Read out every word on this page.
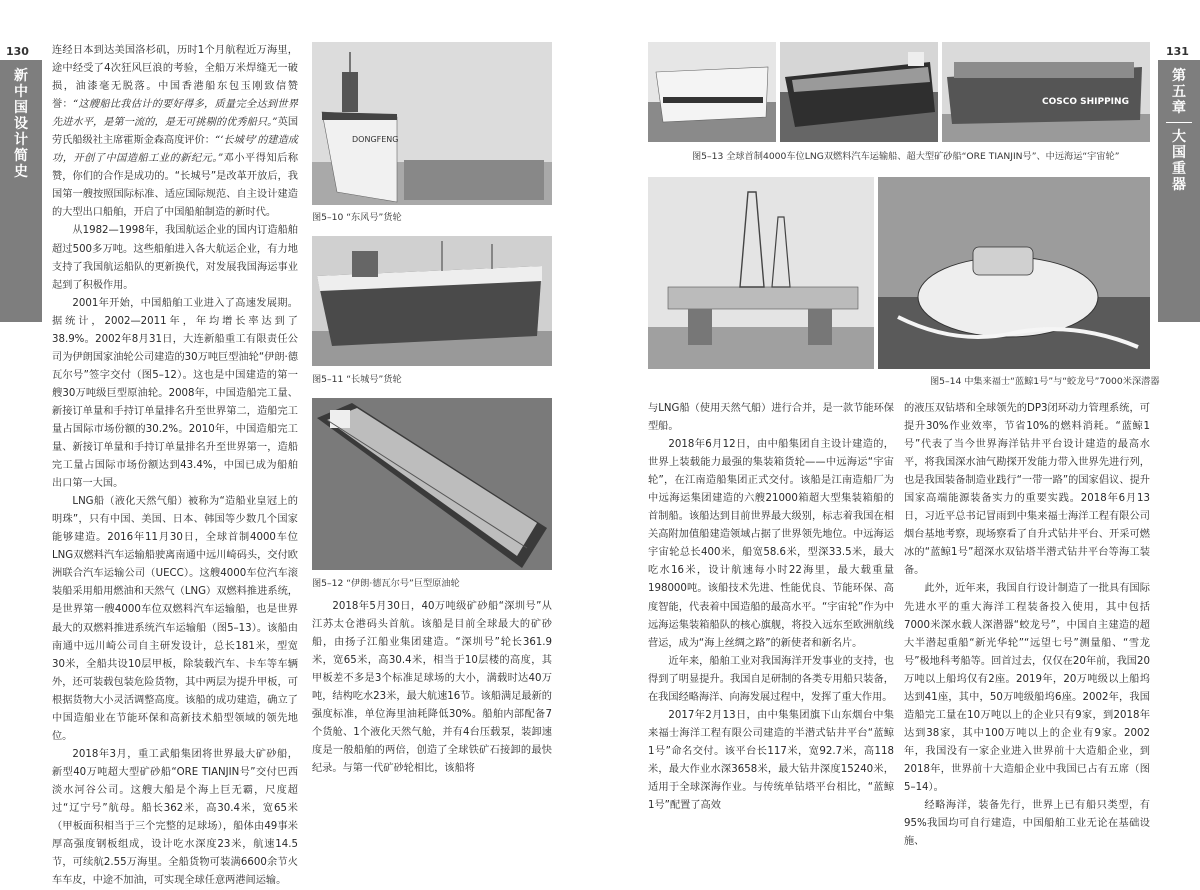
130
新中国设计简史

连经日本到达美国洛杉矶，历时1个月航程近万海里，途中经受了4次狂风巨浪的考验，全船万米焊缝无一破损，油漆毫无脱落。中国香港船东包玉刚致信赞誉：“这艘船比我估计的要好得多，质量完全达到世界先进水平，是第一流的，是无可挑剔的优秀船只。”英国劳氏船级社主席霍斯金森高度评价：“‘长城号’的建造成功，开创了中国造船工业的新纪元。”邓小平得知后称赞，你们的合作是成功的。“长城号”是改革开放后，我国第一艘按照国际标准、适应国际规范、自主设计建造的大型出口船舶，开启了中国船舶制造的新时代。

从1982—1998年，我国航运企业的国内订造船舶超过500多万吨。这些船舶进入各大航运企业，有力地支持了我国航运船队的更新换代，对发展我国海运事业起到了积极作用。

2001年开始，中国船舶工业进入了高速发展期。据统计，2002—2011年，年均增长率达到了38.9%。2002年8月31日，大连新船重工有限责任公司为伊朗国家油轮公司建造的30万吨巨型油轮“伊朗·德瓦尔号”签字交付（图5–12）。这也是中国建造的第一艘30万吨级巨型原油轮。2008年，中国造船完工量、新接订单量和手持订单量排名升至世界第二，造船完工量占国际市场份额的30.2%。2010年，中国造船完工量、新接订单量和手持订单量排名升至世界第一，造船完工量占国际市场份额达到43.4%，中国已成为船舶出口第一大国。

LNG船（液化天然气船）被称为“造船业皇冠上的明珠”，只有中国、美国、日本、韩国等少数几个国家能够建造。2016年11月30日，全球首制4000车位LNG双燃料汽车运输船驶离南通中远川崎码头，交付欧洲联合汽车运输公司（UECC）。这艘4000车位汽车滚装船采用船用燃油和天然气（LNG）双燃料推进系统，是世界第一艘4000车位双燃料汽车运输船，也是世界最大的双燃料推进系统汽车运输船（图5–13）。该船由南通中远川崎公司自主研发设计，总长181米，型宽30米，全船共设10层甲板，除装载汽车、卡车等车辆外，还可装载包装危险货物，其中两层为提升甲板，可根据货物大小灵活调整高度。该船的成功建造，确立了中国造船业在节能环保和高新技术船型领域的领先地位。

2018年3月，重工武船集团将世界最大矿砂船，新型40万吨超大型矿砂船“ORE TIANJIN号”交付巴西淡水河谷公司。这艘大船是个海上巨无霸，尺度超过“辽宁号”航母。船长362米，高30.4米，宽65米（甲板面积相当于三个完整的足球场），船体由49事米厚高强度钢板组成，设计吃水深度23米，航速14.5节，可续航2.55万海里。全船货物可装满6600余节火车车皮，中途不加油，可实现全球任意两港间运输。

DONGFENG
图5–10 “东风号”货轮
图5–11 “长城号”货轮
图5–12 “伊朗·德瓦尔号”巨型原油轮

2018年5月30日，40万吨级矿砂船“深圳号”从江苏太仓港码头首航。该船是目前全球最大的矿砂船，由扬子江船业集团建造。“深圳号”轮长361.9米，宽65米，高30.4米，相当于10层楼的高度，其甲板差不多是3个标准足球场的大小，满载时达40万吨，结构吃水23米，最大航速16节。该船满足最新的强度标准，单位海里油耗降低30%。船舶内部配备7个货舱、1个液化天然气舱，并有4台压载泵，装卸速度是一般船舶的两倍，创造了全球铁矿石接卸的最快纪录。与第一代矿砂轮相比，该船将

131
第五章
大国重器
COSCO SHIPPING
图5–13 全球首制4000车位LNG双燃料汽车运输船、超大型矿砂船“ORE TIANJIN号”、中远海运“宇宙轮”
图5–14 中集来福士“蓝鲸1号”与“蛟龙号”7000米深潜器

与LNG船（使用天然气船）进行合并，是一款节能环保型船。

2018年6月12日，由中船集团自主设计建造的，世界上装载能力最强的集装箱货轮——中远海运“宇宙轮”，在江南造船集团正式交付。该船是江南造船厂为中远海运集团建造的六艘21000箱超大型集装箱船的首制船。该船达到目前世界最大级别，标志着我国在相关高附加值船建造领域占据了世界领先地位。中远海运宇宙轮总长400米，船宽58.6米，型深33.5米，最大吃水16米，设计航速每小时22海里，最大载重量198000吨。该船技术先进、性能优良、节能环保、高度智能，代表着中国造船的最高水平。“宇宙轮”作为中远海运集装箱船队的核心旗舰，将投入远东至欧洲航线营运，成为“海上丝绸之路”的新使者和新名片。

近年来，船舶工业对我国海洋开发事业的支持，也得到了明显提升。我国自足研制的各类专用船只装备，在我国经略海洋、向海发展过程中，发挥了重大作用。

2017年2月13日，由中集集团旗下山东烟台中集来福士海洋工程有限公司建造的半潜式钻井平台“蓝鲸1号”命名交付。该平台长117米，宽92.7米，高118米，最大作业水深3658米，最大钻井深度15240米，适用于全球深海作业。与传统单钻塔平台相比，“蓝鲸1号”配置了高效

的液压双钻塔和全球领先的DP3闭环动力管理系统，可提升30%作业效率，节省10%的燃料消耗。“蓝鲸1号”代表了当今世界海洋钻井平台设计建造的最高水平，将我国深水油气勘探开发能力带入世界先进行列，也是我国装备制造业践行“一带一路”的国家倡议、提升国家高端能源装备实力的重要实践。2018年6月13日，习近平总书记冒雨到中集来福士海洋工程有限公司烟台基地考察，现场察看了自升式钻井平台、开采可燃冰的“蓝鲸1号”超深水双钻塔半潜式钻井平台等海工装备。

此外，近年来，我国自行设计制造了一批具有国际先进水平的重大海洋工程装备投入使用，其中包括7000米深水载人深潜器“蛟龙号”，中国自主建造的超大半潜起重船“新光华轮”“远望七号”测量船、“雪龙号”极地科考船等。回首过去，仅仅在20年前，我国20万吨以上船坞仅有2座。2019年，20万吨级以上船坞达到41座，其中，50万吨级船坞6座。2002年，我国造船完工量在10万吨以上的企业只有9家，到2018年达到38家，其中100万吨以上的企业有9家。2002年，我国没有一家企业进入世界前十大造船企业，到2018年，世界前十大造船企业中我国已占有五席（图5–14）。

经略海洋，装备先行，世界上已有船只类型，有95%我国均可自行建造，中国船舶工业无论在基础设施、
